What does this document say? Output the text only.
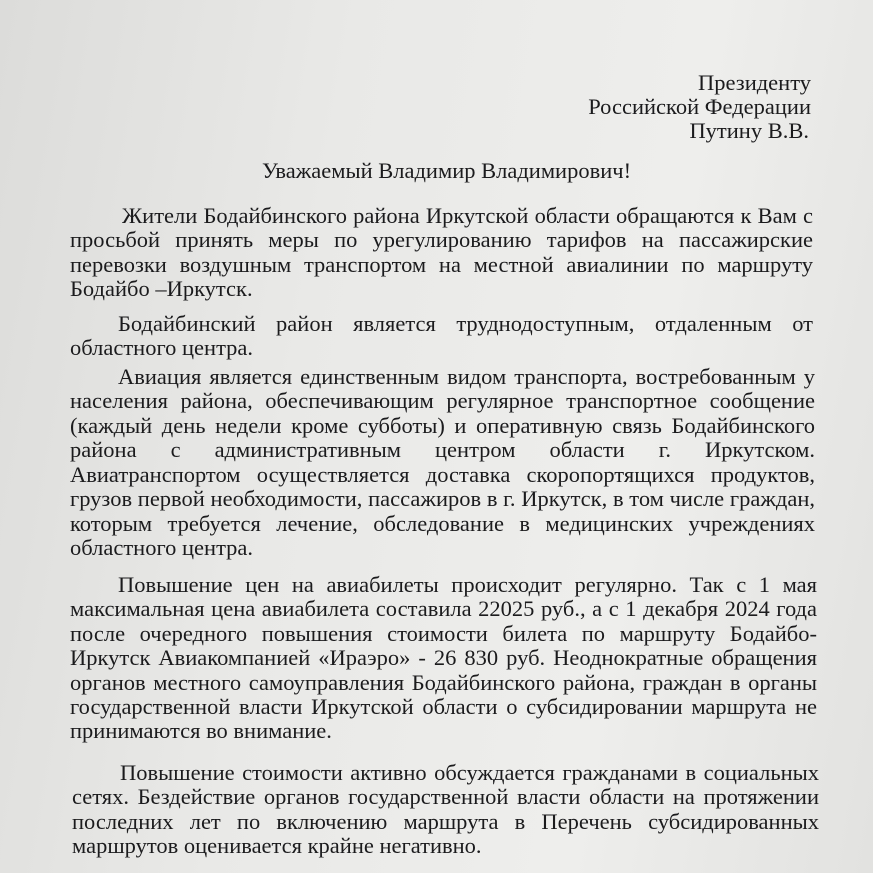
Президенту
Российской Федерации
Путину В.В.
Уважаемый Владимир Владимирович!
Жители Бодайбинского района Иркутской области обращаются к Вам с
просьбой принять меры по урегулированию тарифов на пассажирские
перевозки воздушным транспортом на местной авиалинии по маршруту
Бодайбо –Иркутск.
Бодайбинский район является труднодоступным, отдаленным от
областного центра.
Авиация является единственным видом транспорта, востребованным у
населения района, обеспечивающим регулярное транспортное сообщение
(каждый день недели кроме субботы) и оперативную связь Бодайбинского
района с административным центром области г. Иркутском.
Авиатранспортом осуществляется доставка скоропортящихся продуктов,
грузов первой необходимости, пассажиров в г. Иркутск, в том числе граждан,
которым требуется лечение, обследование в медицинских учреждениях
областного центра.
Повышение цен на авиабилеты происходит регулярно. Так с 1 мая
максимальная цена авиабилета составила 22025 руб., а с 1 декабря 2024 года
после очередного повышения стоимости билета по маршруту Бодайбо-
Иркутск Авиакомпанией «Ираэро» - 26 830 руб. Неоднократные обращения
органов местного самоуправления Бодайбинского района, граждан в органы
государственной власти Иркутской области о субсидировании маршрута не
принимаются во внимание.
Повышение стоимости активно обсуждается гражданами в социальных
сетях. Бездействие органов государственной власти области на протяжении
последних лет по включению маршрута в Перечень субсидированных
маршрутов оценивается крайне негативно.
